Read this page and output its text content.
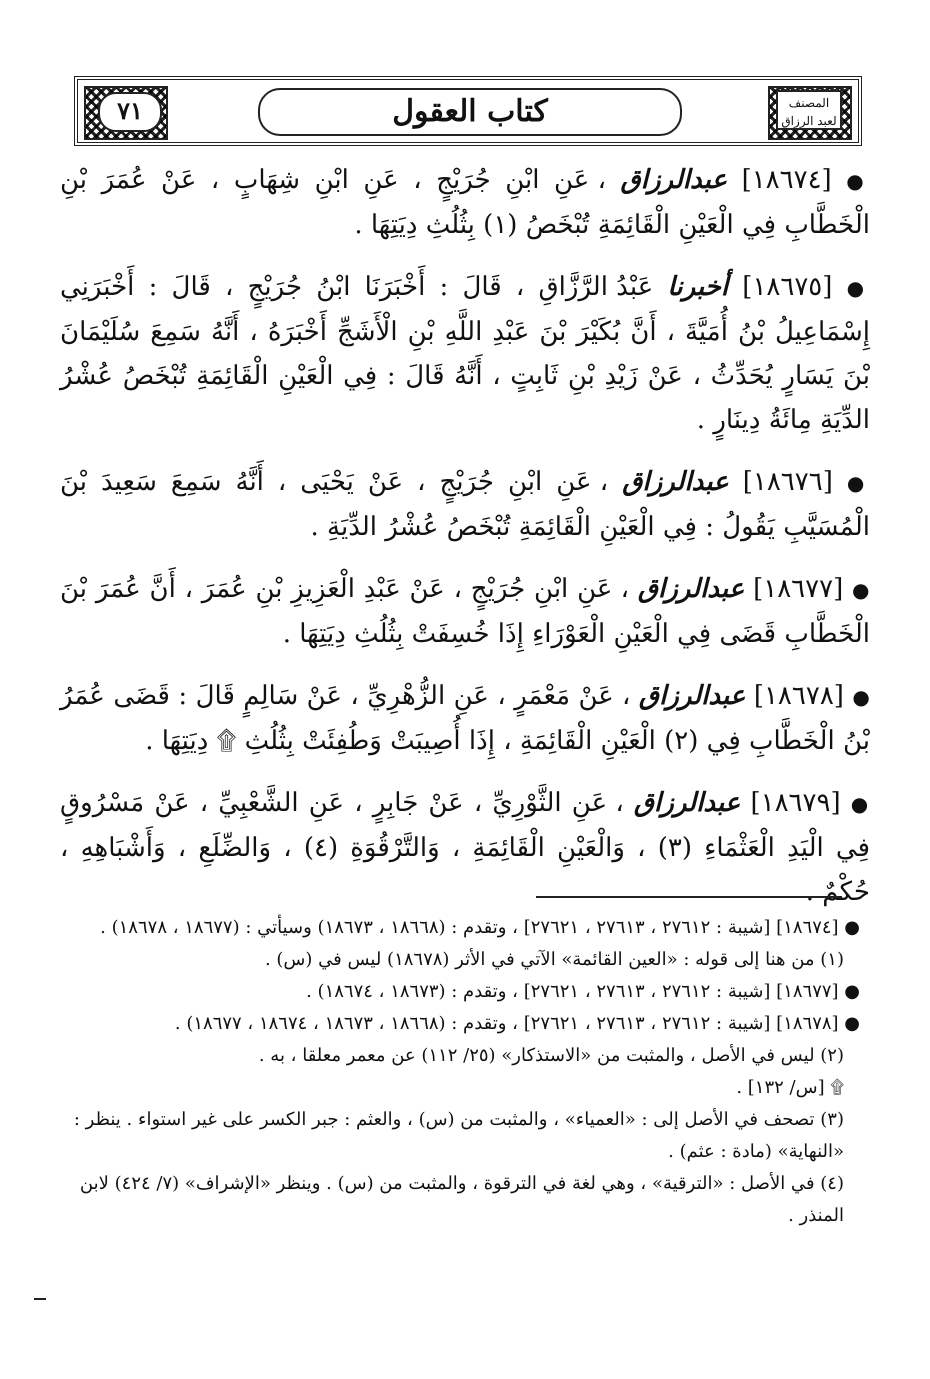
٧١	كتاب العقول	المصنف لعبد الرزاق

● [١٨٦٧٤] عبدالرزاق ، عَنِ ابْنِ جُرَيْجٍ ، عَنِ ابْنِ شِهَابٍ ، عَنْ عُمَرَ بْنِ الْخَطَّابِ فِي الْعَيْنِ الْقَائِمَةِ تُبْخَصُ (١) بِثُلُثِ دِيَتِهَا .

● [١٨٦٧٥] أخبرنا عَبْدُ الرَّزَّاقِ ، قَالَ : أَخْبَرَنَا ابْنُ جُرَيْجٍ ، قَالَ : أَخْبَرَنِي إِسْمَاعِيلُ بْنُ أُمَيَّةَ ، أَنَّ بُكَيْرَ بْنَ عَبْدِ اللَّهِ بْنِ الْأَشَجِّ أَخْبَرَهُ ، أَنَّهُ سَمِعَ سُلَيْمَانَ بْنَ يَسَارٍ يُحَدِّثُ ، عَنْ زَيْدِ بْنِ ثَابِتٍ ، أَنَّهُ قَالَ : فِي الْعَيْنِ الْقَائِمَةِ تُبْخَصُ عُشْرُ الدِّيَةِ مِائَةُ دِينَارٍ .

● [١٨٦٧٦] عبدالرزاق ، عَنِ ابْنِ جُرَيْجٍ ، عَنْ يَحْيَى ، أَنَّهُ سَمِعَ سَعِيدَ بْنَ الْمُسَيَّبِ يَقُولُ : فِي الْعَيْنِ الْقَائِمَةِ تُبْخَصُ عُشْرُ الدِّيَةِ .

● [١٨٦٧٧] عبدالرزاق ، عَنِ ابْنِ جُرَيْجٍ ، عَنْ عَبْدِ الْعَزِيزِ بْنِ عُمَرَ ، أَنَّ عُمَرَ بْنَ الْخَطَّابِ قَضَى فِي الْعَيْنِ الْعَوْرَاءِ إِذَا خُسِفَتْ بِثُلُثِ دِيَتِهَا .

● [١٨٦٧٨] عبدالرزاق ، عَنْ مَعْمَرٍ ، عَنِ الزُّهْرِيِّ ، عَنْ سَالِمٍ قَالَ : قَضَى عُمَرُ بْنُ الْخَطَّابِ فِي (٢) الْعَيْنِ الْقَائِمَةِ ، إِذَا أُصِيبَتْ وَطُفِئَتْ بِثُلُثِ ۩ دِيَتِهَا .

● [١٨٦٧٩] عبدالرزاق ، عَنِ الثَّوْرِيِّ ، عَنْ جَابِرٍ ، عَنِ الشَّعْبِيِّ ، عَنْ مَسْرُوقٍ فِي الْيَدِ الْعَثْمَاءِ (٣) ، وَالْعَيْنِ الْقَائِمَةِ ، وَالتَّرْقُوَةِ (٤) ، وَالضِّلَعِ ، وَأَشْبَاهِهِ ، حُكْمٌ .

● [١٨٦٧٤] [شيبة : ٢٧٦١٢ ، ٢٧٦١٣ ، ٢٧٦٢١] ، وتقدم : (١٨٦٦٨ ، ١٨٦٧٣) وسيأتي : (١٨٦٧٧ ، ١٨٦٧٨) .

(١) من هنا إلى قوله : «العين القائمة» الآتي في الأثر (١٨٦٧٨) ليس في (س) .

● [١٨٦٧٧] [شيبة : ٢٧٦١٢ ، ٢٧٦١٣ ، ٢٧٦٢١] ، وتقدم : (١٨٦٧٣ ، ١٨٦٧٤) .

● [١٨٦٧٨] [شيبة : ٢٧٦١٢ ، ٢٧٦١٣ ، ٢٧٦٢١] ، وتقدم : (١٨٦٦٨ ، ١٨٦٧٣ ، ١٨٦٧٤ ، ١٨٦٧٧) .

(٢) ليس في الأصل ، والمثبت من «الاستذكار» (٢٥/ ١١٢) عن معمر معلقا ، به .

۩ [س/ ١٣٢] .

(٣) تصحف في الأصل إلى : «العمياء» ، والمثبت من (س) ، والعثم : جبر الكسر على غير استواء . ينظر : «النهاية» (مادة : عثم) .

(٤) في الأصل : «الترقية» ، وهي لغة في الترقوة ، والمثبت من (س) . وينظر «الإشراف» (٧/ ٤٢٤) لابن المنذر .
